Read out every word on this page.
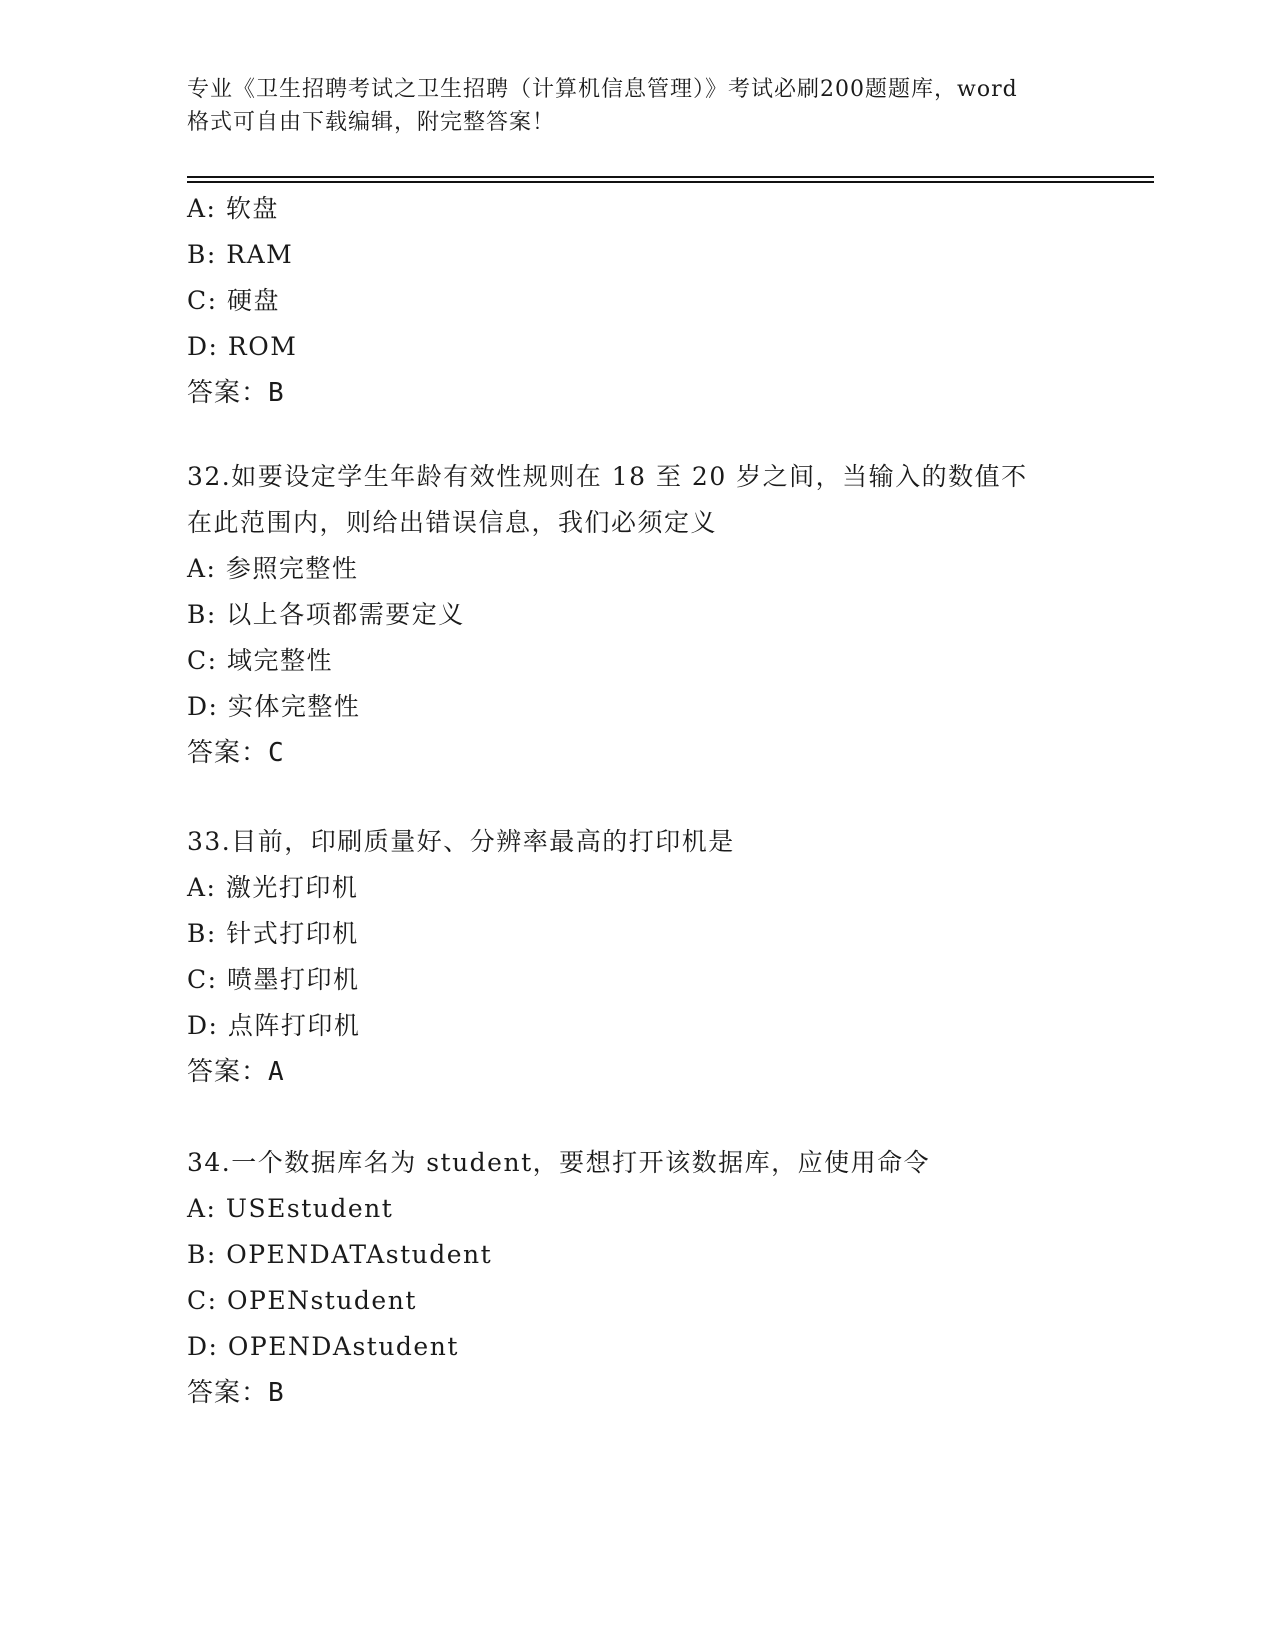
专业《卫生招聘考试之卫生招聘（计算机信息管理）》考试必刷200题题库，word
格式可自由下载编辑，附完整答案！
A: 软盘
B: RAM
C: 硬盘
D: ROM
答案：B
32.如要设定学生年龄有效性规则在 18 至 20 岁之间，当输入的数值不
在此范围内，则给出错误信息，我们必须定义
A: 参照完整性
B: 以上各项都需要定义
C: 域完整性
D: 实体完整性
答案：C
33.目前，印刷质量好、分辨率最高的打印机是
A: 激光打印机
B: 针式打印机
C: 喷墨打印机
D: 点阵打印机
答案：A
34.一个数据库名为 student，要想打开该数据库，应使用命令
A: USEstudent
B: OPENDATAstudent
C: OPENstudent
D: OPENDAstudent
答案：B
